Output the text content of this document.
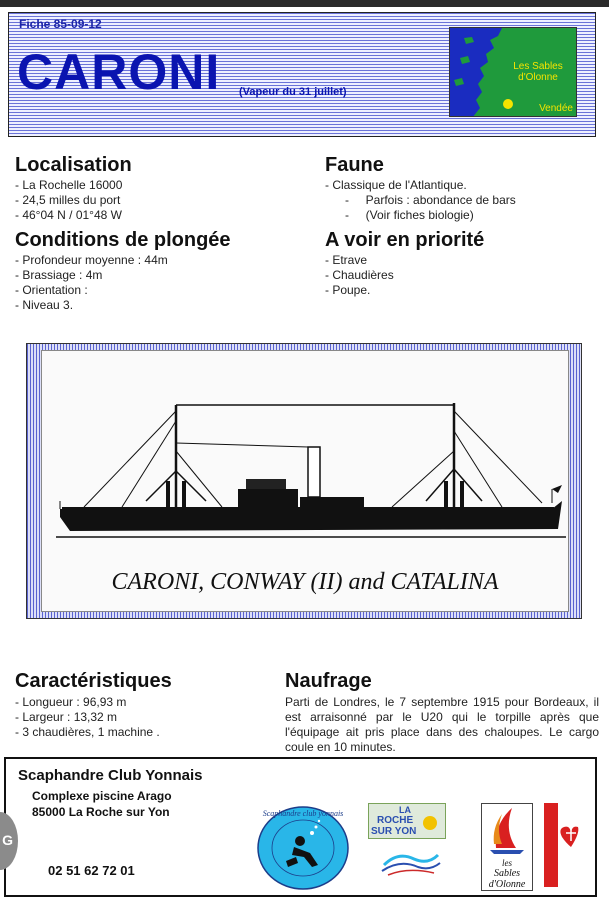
Fiche 85-09-12
CARONI (Vapeur du 31 juillet)
Les Sables d'Olonne
Vendée
Localisation
- La Rochelle 16000
- 24,5 milles du port
- 46°04 N / 01°48 W
Conditions de plongée
- Profondeur moyenne : 44m
- Brassiage : 4m
- Orientation :
- Niveau 3.
Faune
- Classique de l'Atlantique.
-     Parfois : abondance de bars
-     (Voir fiches biologie)
A voir en priorité
- Etrave
- Chaudières
- Poupe.
CARONI, CONWAY (II) and CATALINA
Caractéristiques
- Longueur : 96,93 m
- Largeur : 13,32 m
- 3 chaudières, 1 machine .
Naufrage
Parti de Londres, le 7 septembre 1915 pour Bordeaux, il est arraisonné par le U20 qui le torpille après que l'équipage ait pris place dans des chaloupes. Le cargo coule en 10 minutes.
Scaphandre Club Yonnais
Complexe piscine Arago
85000 La Roche sur Yon
02 51 62 72 01
Scaphandre club yonnais	LA
ROCHE
SUR YON
les
Sables
d'Olonne
G
